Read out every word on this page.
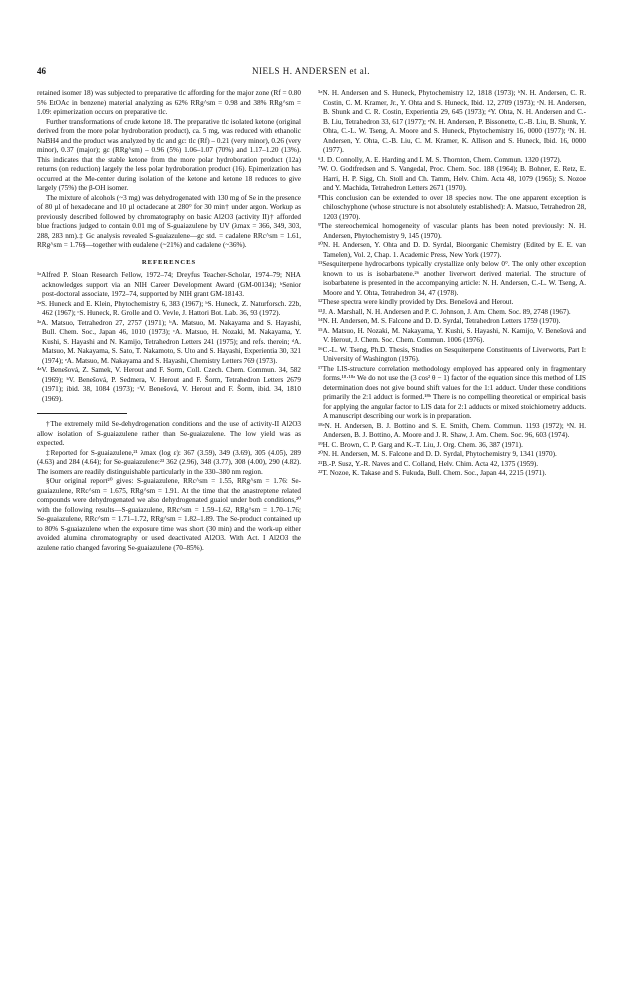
46	NIELS H. ANDERSEN et al.

retained isomer 18) was subjected to preparative tlc affording for the major zone (Rf = 0.80 5% EtOAc in benzene) material analyzing as 62% RRg^sm = 0.98 and 38% RRg^sm = 1.09: epimerization occurs on preparative tlc.

Further transformations of crude ketone 18. The preparative tlc isolated ketone (original derived from the more polar hydroboration product), ca. 5 mg, was reduced with ethanolic NaBH4 and the product was analyzed by tlc and gc: tlc (Rf) – 0.21 (very minor), 0.26 (very minor), 0.37 (major); gc (RRg^sm) – 0.96 (5%) 1.06–1.07 (70%) and 1.17–1.20 (13%). This indicates that the stable ketone from the more polar hydroboration product (12a) returns (on reduction) largely the less polar hydroboration product (16). Epimerization has occurred at the Me-center during isolation of the ketone and ketone 18 reduces to give largely (75%) the β-OH isomer.

The mixture of alcohols (~3 mg) was dehydrogenated with 130 mg of Se in the presence of 80 µl of hexadecane and 10 µl octadecane at 280° for 30 min† under argon. Workup as previously described followed by chromatography on basic Al2O3 (activity II)† afforded blue fractions judged to contain 0.01 mg of S-guaiazulene by UV (λmax = 366, 349, 303, 288, 283 nm).‡ Gc analysis revealed S-guaiazulene—gc std. = cadalene RRc^sm = 1.61, RRg^sm = 1.76§—together with eudalene (~21%) and cadalene (~36%).

REFERENCES

¹ᵃAlfred P. Sloan Research Fellow, 1972–74; Dreyfus Teacher-Scholar, 1974–79; NHA acknowledges support via an NIH Career Development Award (GM-00134); ᵇSenior post-doctoral associate, 1972–74, supported by NIH grant GM-18143.

²ᵃS. Huneck and E. Klein, Phytochemistry 6, 383 (1967); ᵇS. Huneck, Z. Naturforsch. 22b, 462 (1967); ᶜS. Huneck, R. Grolle and O. Vevle, J. Hattori Bot. Lab. 36, 93 (1972).

³ᵃA. Matsuo, Tetrahedron 27, 2757 (1971); ᵇA. Matsuo, M. Nakayama and S. Hayashi, Bull. Chem. Soc., Japan 46, 1010 (1973); ᶜA. Matsuo, H. Nozaki, M. Nakayama, Y. Kushi, S. Hayashi and N. Kamijo, Tetrahedron Letters 241 (1975); and refs. therein; ᵈA. Matsuo, M. Nakayama, S. Sato, T. Nakamoto, S. Uto and S. Hayashi, Experientia 30, 321 (1974); ᵉA. Matsuo, M. Nakayama and S. Hayashi, Chemistry Letters 769 (1973).

⁴ᵃV. Benešová, Z. Samek, V. Herout and F. Sorm, Coll. Czech. Chem. Commun. 34, 582 (1969); ᵇV. Benešová, P. Sedmera, V. Herout and F. Šorm, Tetrahedron Letters 2679 (1971); ibid. 38, 1084 (1973); ᶜV. Benešová, V. Herout and F. Šorm, ibid. 34, 1810 (1969).

†The extremely mild Se-dehydrogenation conditions and the use of activity-II Al2O3 allow isolation of S-guaiazulene rather than Se-guaiazulene. The low yield was as expected.

‡Reported for S-guaiazulene,²¹ λmax (log ε): 367 (3.59), 349 (3.69), 305 (4.05), 289 (4.63) and 284 (4.64); for Se-guaiazulene:²³ 362 (2.96), 348 (3.77), 308 (4.00), 290 (4.82). The isomers are readily distinguishable particularly in the 330–380 nm region.

§Our original report²⁰ gives: S-guaiazulene, RRc^sm = 1.55, RRg^sm = 1.76: Se-guaiazulene, RRc^sm = 1.675, RRg^sm = 1.91. At the time that the anastreptene related compounds were dehydrogenated we also dehydrogenated guaiol under both conditions,²⁰ with the following results—S-guaiazulene, RRc^sm = 1.59–1.62, RRg^sm = 1.70–1.76; Se-guaiazulene, RRc^sm = 1.71–1.72, RRg^sm = 1.82–1.89. The Se-product contained up to 80% S-guaiazulene when the exposure time was short (30 min) and the work-up either avoided alumina chromatography or used deactivated Al2O3. With Act. I Al2O3 the azulene ratio changed favoring Se-guaiazulene (70–85%).

⁵ᵃN. H. Andersen and S. Huneck, Phytochemistry 12, 1818 (1973); ᵇN. H. Andersen, C. R. Costin, C. M. Kramer, Jr., Y. Ohta and S. Huneck, Ibid. 12, 2709 (1973); ᶜN. H. Andersen, B. Shunk and C. R. Costin, Experientia 29, 645 (1973); ᵈY. Ohta, N. H. Andersen and C.-B. Liu, Tetrahedron 33, 617 (1977); ᵉN. H. Andersen, P. Bissonette, C.-B. Liu, B. Shunk, Y. Ohta, C.-L. W. Tseng, A. Moore and S. Huneck, Phytochemistry 16, 0000 (1977); ᶠN. H. Andersen, Y. Ohta, C.-B. Liu, C. M. Kramer, K. Allison and S. Huneck, Ibid. 16, 0000 (1977).

⁶J. D. Connolly, A. E. Harding and I. M. S. Thornton, Chem. Commun. 1320 (1972).

⁷W. O. Godtfredsen and S. Vangedal, Proc. Chem. Soc. 188 (1964); B. Bohner, E. Retz, E. Harri, H. P. Sigg, Ch. Stoll and Ch. Tamm, Helv. Chim. Acta 48, 1079 (1965); S. Nozoe and Y. Machida, Tetrahedron Letters 2671 (1970).

⁸This conclusion can be extended to over 18 species now. The one apparent exception is chiloschyphone (whose structure is not absolutely established): A. Matsuo, Tetrahedron 28, 1203 (1970).

⁹The stereochemical homogeneity of vascular plants has been noted previously: N. H. Andersen, Phytochemistry 9, 145 (1970).

¹⁰N. H. Andersen, Y. Ohta and D. D. Syrdal, Bioorganic Chemistry (Edited by E. E. van Tamelen), Vol. 2, Chap. 1. Academic Press, New York (1977).

¹¹Sesquiterpene hydrocarbons typically crystallize only below 0°. The only other exception known to us is isobarbatene.²⁶ another liverwort derived material. The structure of isobarbatene is presented in the accompanying article: N. H. Andersen, C.-L. W. Tseng, A. Moore and Y. Ohta, Tetrahedron 34, 47 (1978).

¹²These spectra were kindly provided by Drs. Benešová and Herout.

¹³J. A. Marshall, N. H. Andersen and P. C. Johnson, J. Am. Chem. Soc. 89, 2748 (1967).

¹⁴N. H. Andersen, M. S. Falcone and D. D. Syrdal, Tetrahedron Letters 1759 (1970).

¹⁵A. Matsuo, H. Nozaki, M. Nakayama, Y. Kushi, S. Hayashi, N. Kamijo, V. Benešová and V. Herout, J. Chem. Soc. Chem. Commun. 1006 (1976).

¹⁶C.-L. W. Tseng, Ph.D. Thesis, Studies on Sesquiterpene Constituents of Liverworts, Part I: University of Washington (1976).

¹⁷The LIS-structure correlation methodology employed has appeared only in fragmentary forms.¹⁸·¹⁸ᵃ We do not use the (3 cos² θ − 1) factor of the equation since this method of LIS determination does not give bound shift values for the 1:1 adduct. Under these conditions primarily the 2:1 adduct is formed.¹⁸ᵇ There is no compelling theoretical or empirical basis for applying the angular factor to LIS data for 2:1 adducts or mixed stoichiometry adducts. A manuscript describing our work is in preparation.

¹⁸ᵃN. H. Andersen, B. J. Bottino and S. E. Smith, Chem. Commun. 1193 (1972); ᵇN. H. Andersen, B. J. Bottino, A. Moore and J. R. Shaw, J. Am. Chem. Soc. 96, 603 (1974).

¹⁹H. C. Brown, C. P. Garg and K.-T. Liu, J. Org. Chem. 36, 387 (1971).

²⁰N. H. Andersen, M. S. Falcone and D. D. Syrdal, Phytochemistry 9, 1341 (1970).

²¹B.-P. Susz, Y.-R. Naves and C. Colland, Helv. Chim. Acta 42, 1375 (1959).

²²T. Nozoe, K. Takase and S. Fukuda, Bull. Chem. Soc., Japan 44, 2215 (1971).
